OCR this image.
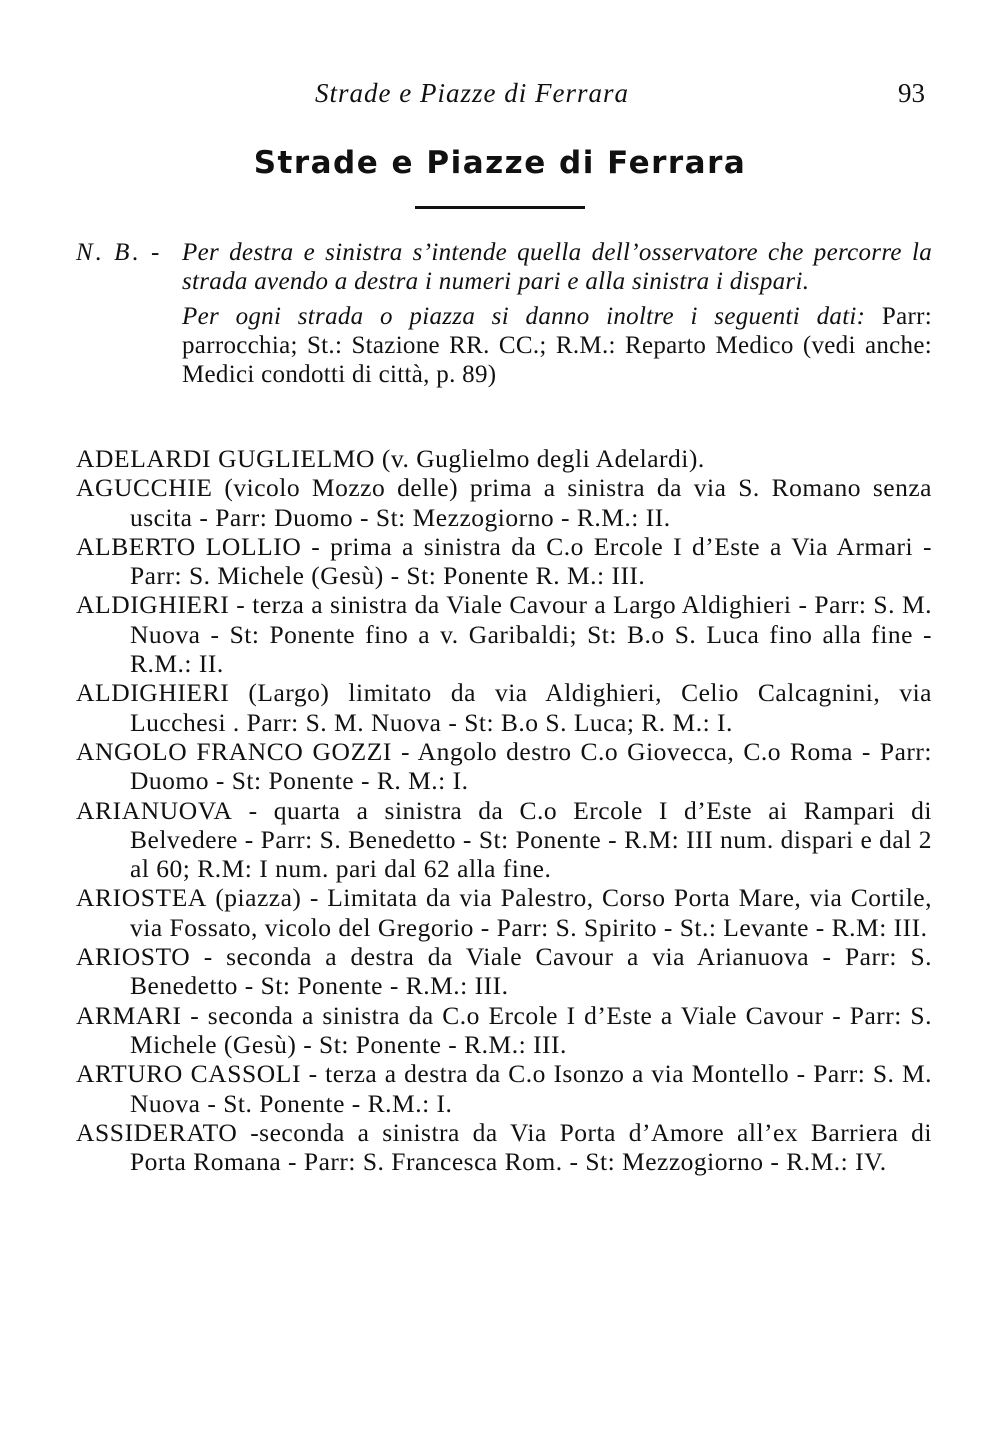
Strade e Piazze di Ferrara	93
Strade e Piazze di Ferrara
N. B. - Per destra e sinistra s’intende quella dell’osservatore che percorre la strada avendo a destra i numeri pari e alla sinistra i dispari.

Per ogni strada o piazza si danno inoltre i seguenti dati: Parr: parrocchia; St.: Stazione RR. CC.; R.M.: Reparto Medico (vedi anche: Medici condotti di città, p. 89)
ADELARDI GUGLIELMO (v. Guglielmo degli Adelardi).
AGUCCHIE (vicolo Mozzo delle) prima a sinistra da via S. Romano senza uscita - Parr: Duomo - St: Mezzogiorno - R.M.: II.
ALBERTO LOLLIO - prima a sinistra da C.o Ercole I d’Este a Via Armari - Parr: S. Michele (Gesù) - St: Ponente R. M.: III.
ALDIGHIERI - terza a sinistra da Viale Cavour a Largo Aldighieri - Parr: S. M. Nuova - St: Ponente fino a v. Garibaldi; St: B.o S. Luca fino alla fine - R.M.: II.
ALDIGHIERI (Largo) limitato da via Aldighieri, Celio Calcagnini, via Lucchesi . Parr: S. M. Nuova - St: B.o S. Luca; R. M.: I.
ANGOLO FRANCO GOZZI - Angolo destro C.o Giovecca, C.o Roma - Parr: Duomo - St: Ponente - R. M.: I.
ARIANUOVA - quarta a sinistra da C.o Ercole I d’Este ai Rampari di Belvedere - Parr: S. Benedetto - St: Ponente - R.M: III num. dispari e dal 2 al 60; R.M: I num. pari dal 62 alla fine.
ARIOSTEA (piazza) - Limitata da via Palestro, Corso Porta Mare, via Cortile, via Fossato, vicolo del Gregorio - Parr: S. Spirito - St.: Levante - R.M: III.
ARIOSTO - seconda a destra da Viale Cavour a via Arianuova - Parr: S. Benedetto - St: Ponente - R.M.: III.
ARMARI - seconda a sinistra da C.o Ercole I d’Este a Viale Cavour - Parr: S. Michele (Gesù) - St: Ponente - R.M.: III.
ARTURO CASSOLI - terza a destra da C.o Isonzo a via Montello - Parr: S. M. Nuova - St. Ponente - R.M.: I.
ASSIDERATO -seconda a sinistra da Via Porta d’Amore all’ex Barriera di Porta Romana - Parr: S. Francesca Rom. - St: Mezzogiorno - R.M.: IV.
